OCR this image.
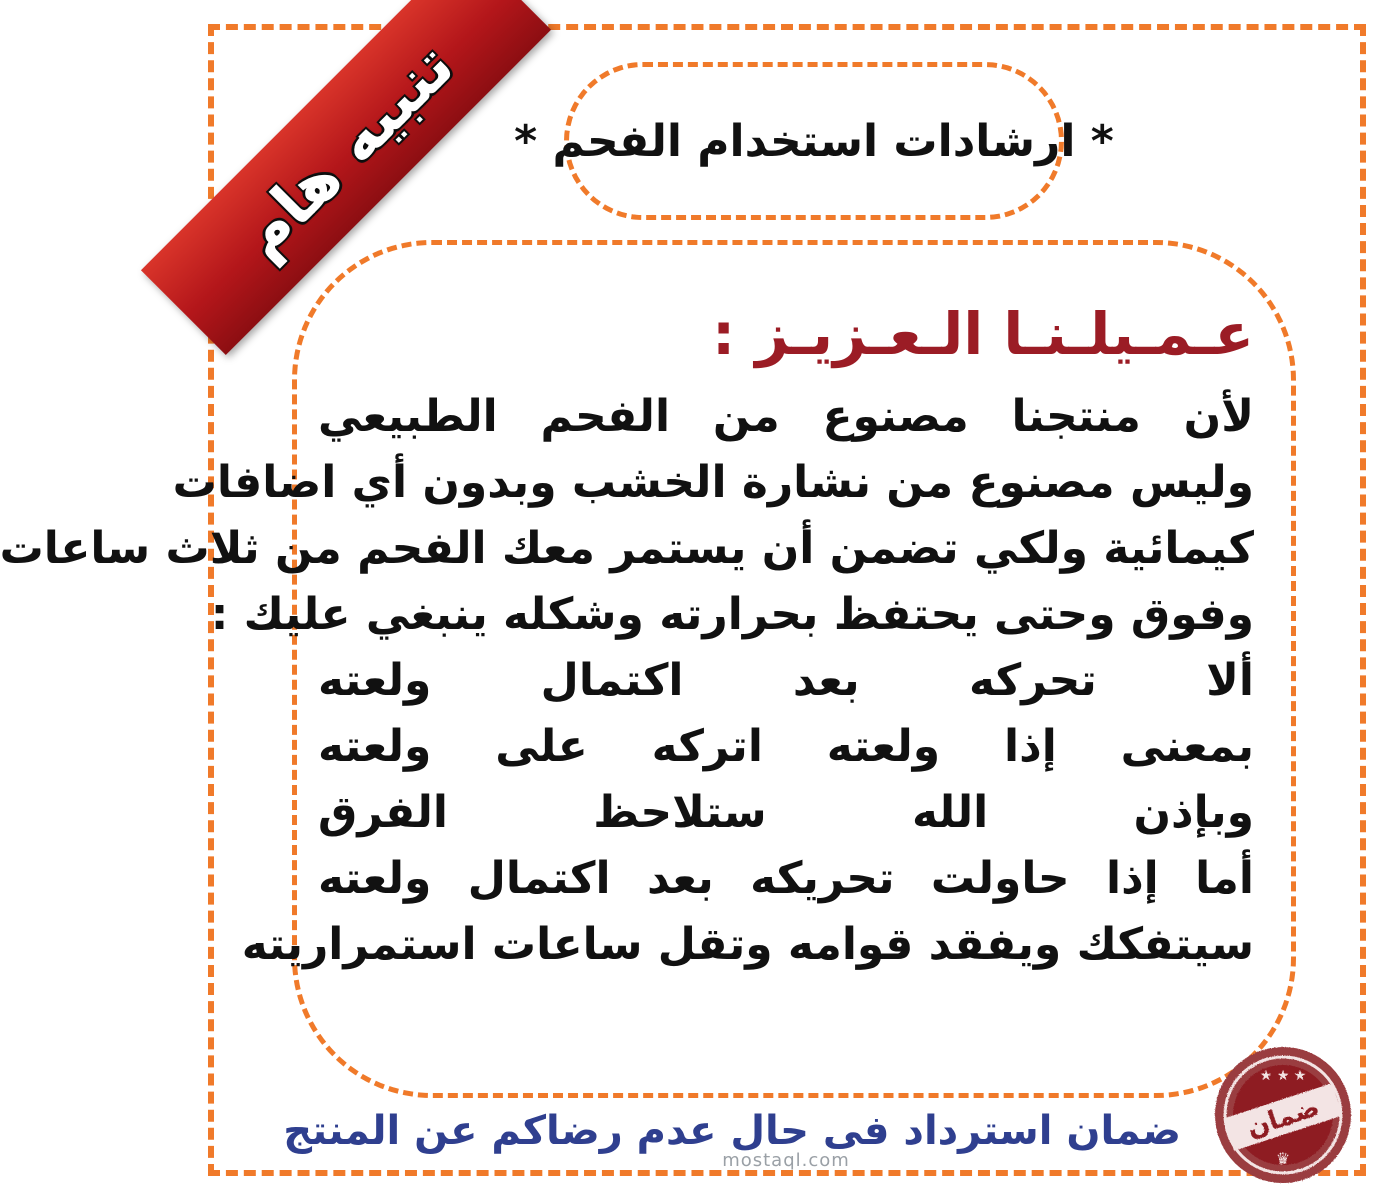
تنبيه هام * ارشادات استخدام الفحم *
عـمـيلـنـا الـعـزيـز :
لأن منتجنا مصنوع من الفحم الطبيعي
وليس مصنوع من نشارة الخشب وبدون أي اضافات
كيمائية ولكي تضمن أن يستمر معك الفحم من ثلاث ساعات
وفوق وحتى يحتفظ بحرارته وشكله ينبغي عليك :
ألا تحركه بعد اكتمال ولعته
بمعنى إذا ولعته اتركه على ولعته
وبإذن الله ستلاحظ الفرق
أما إذا حاولت تحريكه بعد اكتمال ولعته
سيتفكك ويفقد قوامه وتقل ساعات استمراريته
ضمان استرداد فى حال عدم رضاكم عن المنتج
mostaql.com
ضمان
★ ★ ★
♛
